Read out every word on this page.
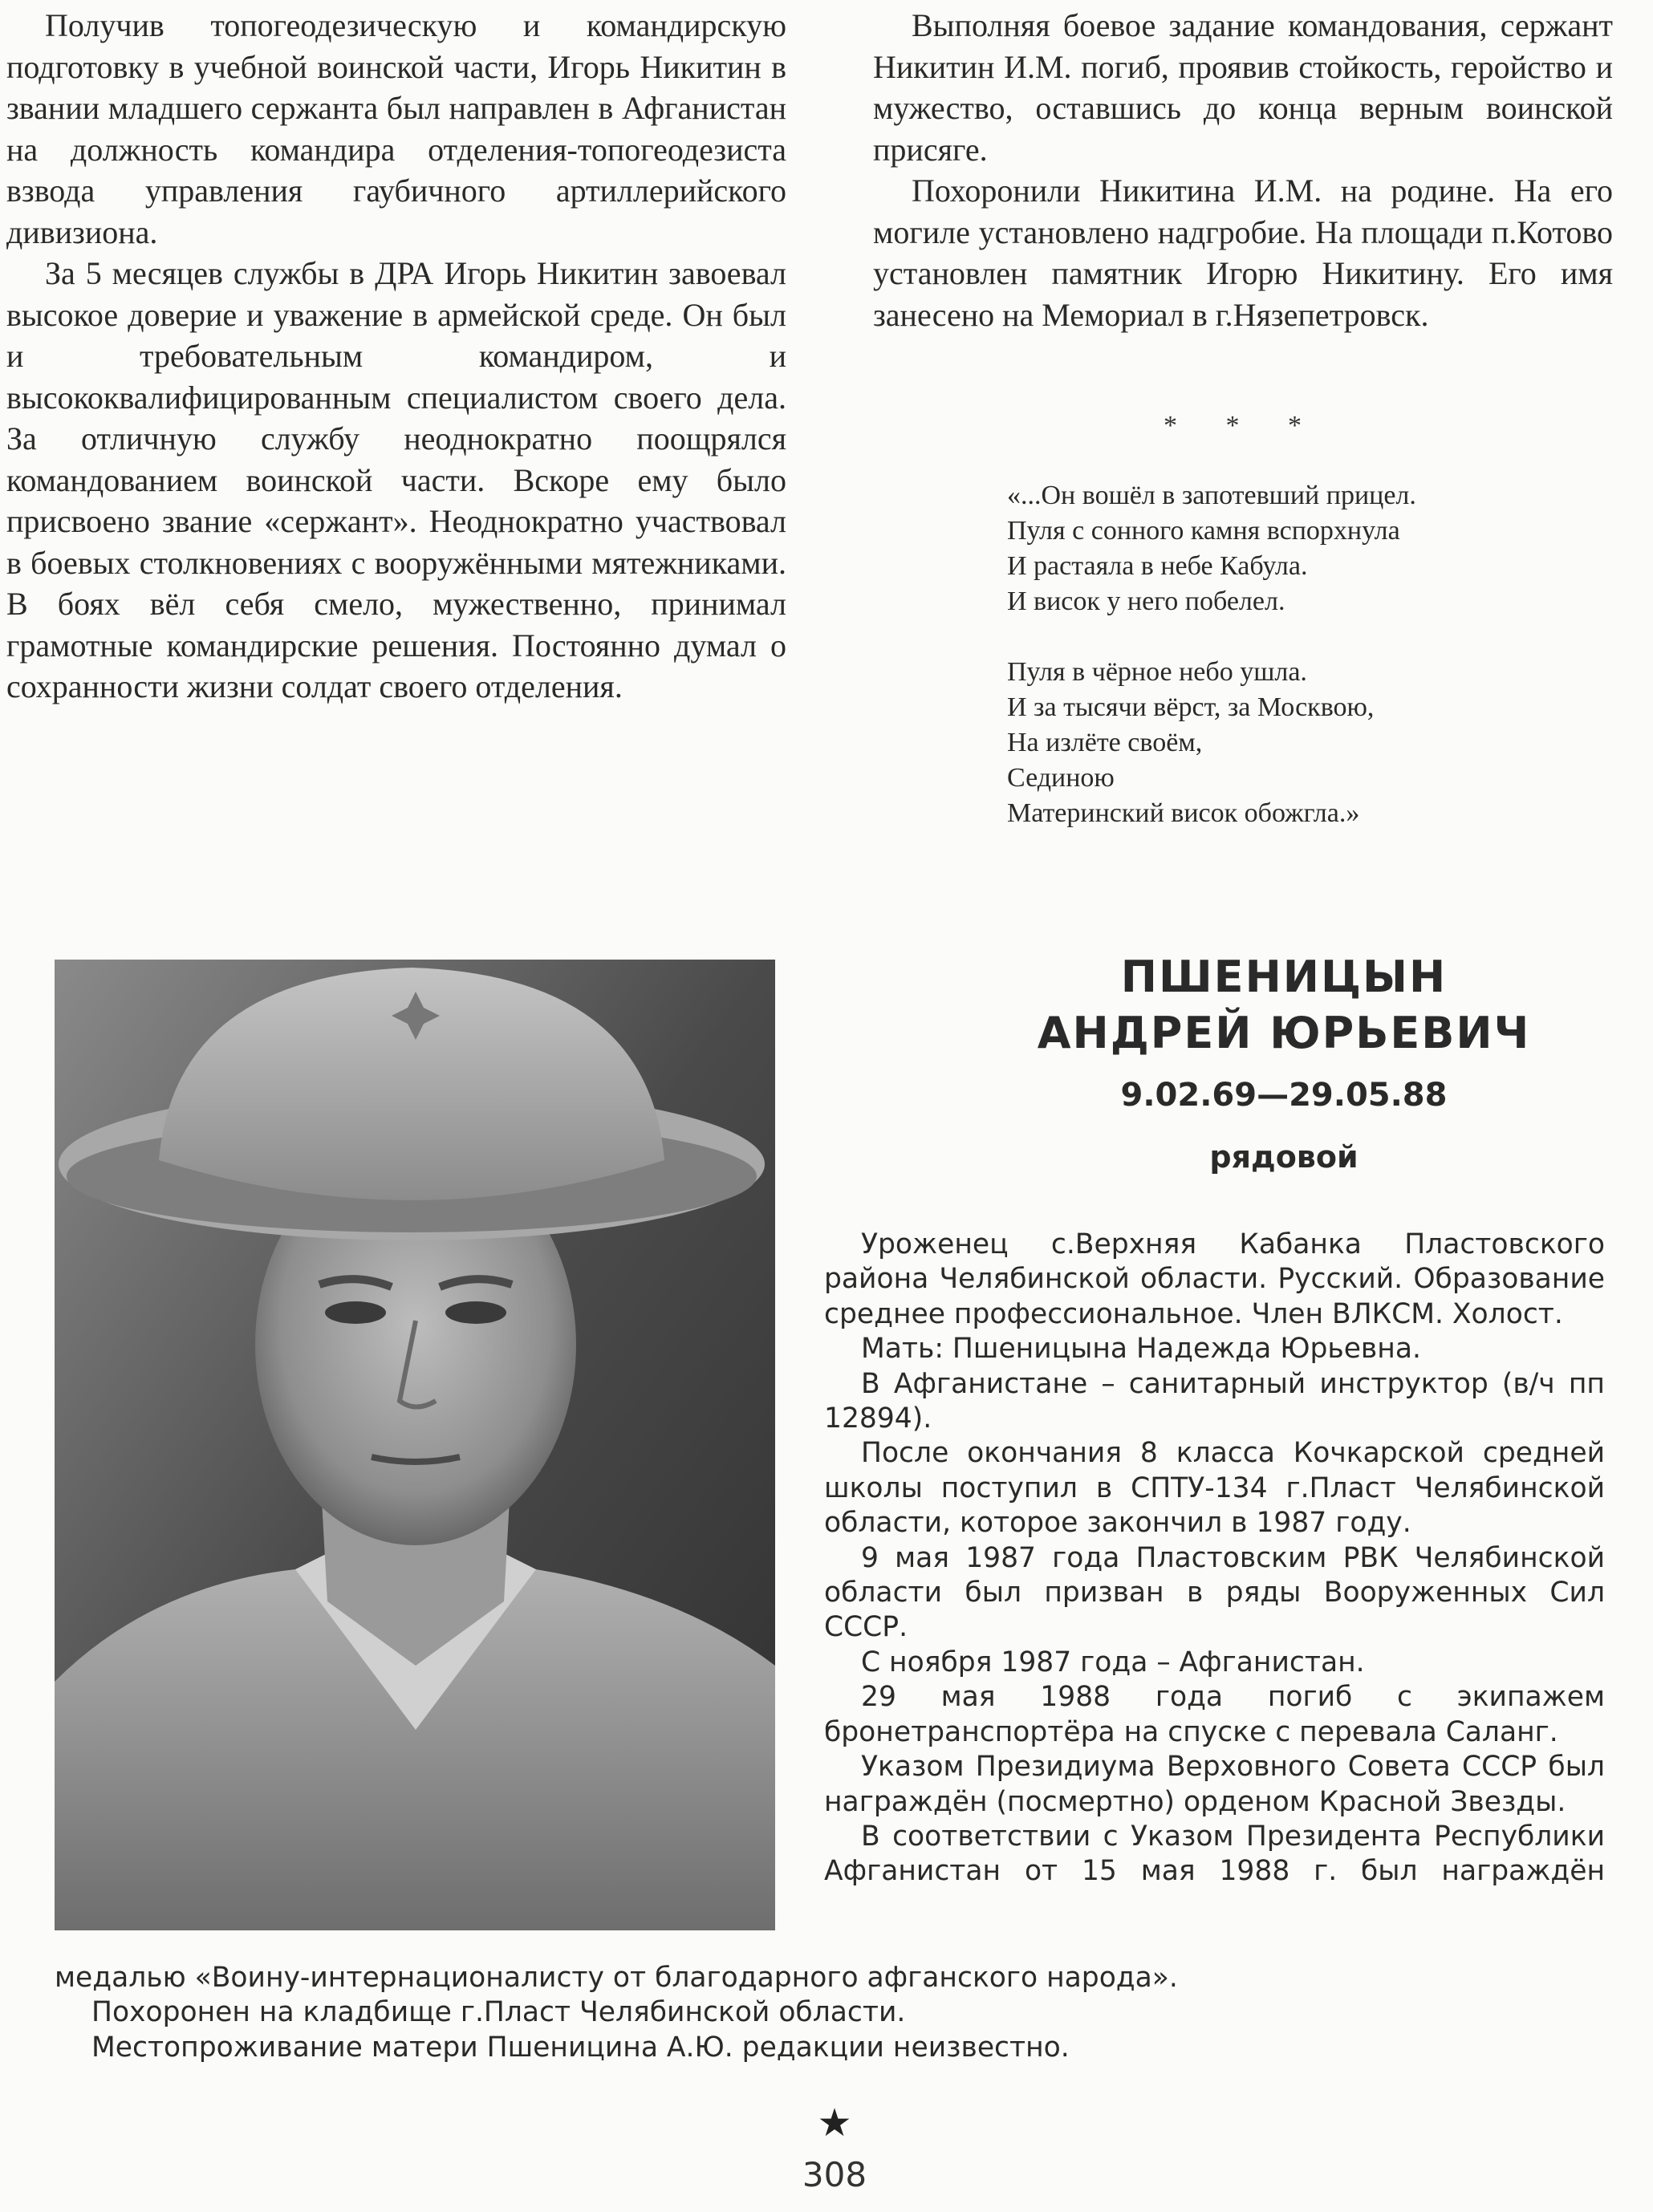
Получив топогеодезическую и командирскую подготовку в учебной воинской части, Игорь Никитин в звании младшего сержанта был направлен в Афганистан на должность командира отделения-топогеодезиста взвода управления гаубичного артиллерийского дивизиона.

За 5 месяцев службы в ДРА Игорь Никитин завоевал высокое доверие и уважение в армейской среде. Он был и требовательным командиром, и высококвалифицированным специалистом своего дела. За отличную службу неоднократно поощрялся командованием воинской части. Вскоре ему было присвоено звание «сержант». Неоднократно участвовал в боевых столкновениях с вооружёнными мятежниками. В боях вёл себя смело, мужественно, принимал грамотные командирские решения. Постоянно думал о сохранности жизни солдат своего отделения.

Выполняя боевое задание командования, сержант Никитин И.М. погиб, проявив стойкость, геройство и мужество, оставшись до конца верным воинской присяге.

Похоронили Никитина И.М. на родине. На его могиле установлено надгробие. На площади п.Котово установлен памятник Игорю Никитину. Его имя занесено на Мемориал в г.Нязепетровск.

* * *
«...Он вошёл в запотевший прицел.
Пуля с сонного камня вспорхнула
И растаяла в небе Кабула.
И висок у него побелел.
Пуля в чёрное небо ушла.
И за тысячи вёрст, за Москвою,
На излёте своём,
Сединою
Материнский висок обожгла.»
ПШЕНИЦЫН
АНДРЕЙ ЮРЬЕВИЧ
9.02.69—29.05.88
рядовой

Уроженец с.Верхняя Кабанка Пластовского района Челябинской области. Русский. Образование среднее профессиональное. Член ВЛКСМ. Холост.

Мать: Пшеницына Надежда Юрьевна.

В Афганистане – санитарный инструктор (в/ч пп 12894).

После окончания 8 класса Кочкарской средней школы поступил в СПТУ-134 г.Пласт Челябинской области, которое закончил в 1987 году.

9 мая 1987 года Пластовским РВК Челябинской области был призван в ряды Вооруженных Сил СССР.

С ноября 1987 года – Афганистан.

29 мая 1988 года погиб с экипажем бронетранспортёра на спуске с перевала Саланг.

Указом Президиума Верховного Совета СССР был награждён (посмертно) орденом Красной Звезды.

В соответствии с Указом Президента Республики Афганистан от 15 мая 1988 г. был награждён

медалью «Воину-интернационалисту от благодарного афганского народа».

Похоронен на кладбище г.Пласт Челябинской области.

Местопроживание матери Пшеницина А.Ю. редакции неизвестно.

★
308
